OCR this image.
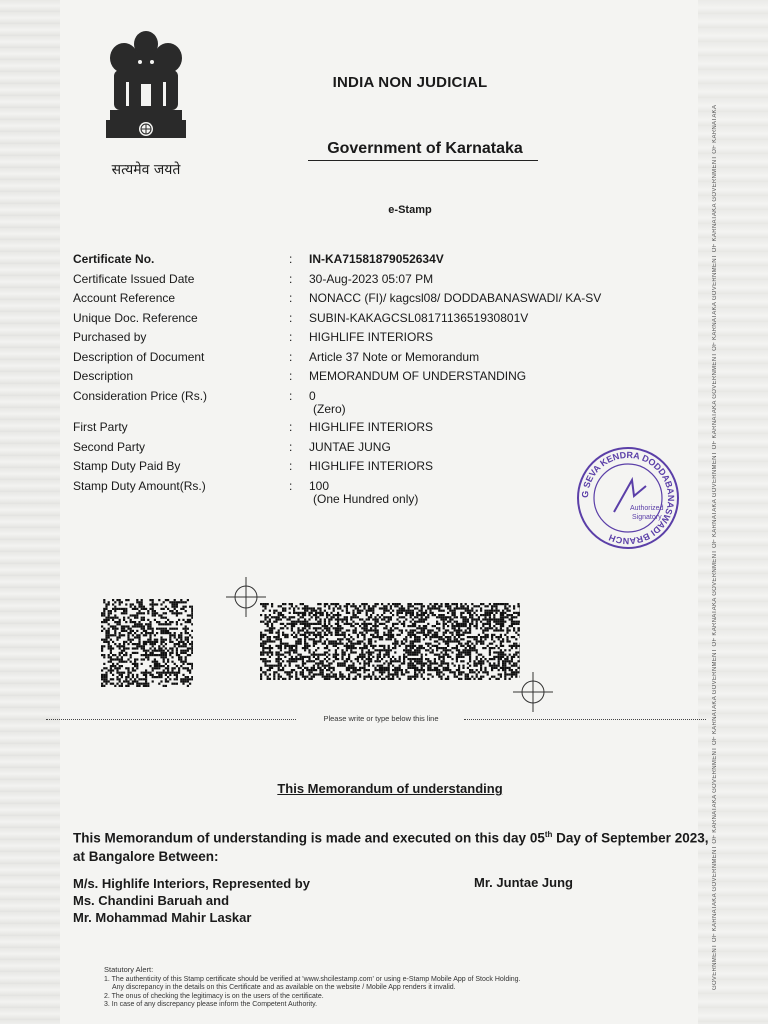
GOVERNMENT OF KARNATAKA GOVERNMENT OF KARNATAKA GOVERNMENT OF KARNATAKA GOVERNMENT OF KARNATAKA GOVERNMENT OF KARNATAKA GOVERNMENT OF KARNATAKA GOVERNMENT OF KARNATAKA GOVERNMENT OF KARNATAKA GOVERNMENT OF KARNATAKA
सत्यमेव जयते
INDIA NON JUDICIAL
Government of Karnataka
e-Stamp
Certificate No.	:	IN-KA71581879052634V
Certificate Issued Date	:	30-Aug-2023 05:07 PM
Account Reference	:	NONACC (FI)/ kagcsl08/ DODDABANASWADI/ KA-SV
Unique Doc. Reference	:	SUBIN-KAKAGCSL0817113651930801V
Purchased by	:	HIGHLIFE INTERIORS
Description of Document	:	Article 37 Note or Memorandum
Description	:	MEMORANDUM OF UNDERSTANDING
Consideration Price (Rs.)	:	0
(Zero)
First Party	:	HIGHLIFE INTERIORS
Second Party	:	JUNTAE JUNG
Stamp Duty Paid By	:	HIGHLIFE INTERIORS
Stamp Duty Amount(Rs.)	:	100
(One Hundred only)	G SEVA KENDRA DODDABANASWADI BRANCH
Authorized
Signatory
Please write or type below this line
This Memorandum of understanding
This Memorandum of understanding is made and executed on this day 05th Day of September 2023, at Bangalore Between:
M/s. Highlife Interiors, Represented by
Ms. Chandini Baruah and
Mr. Mohammad Mahir Laskar
Mr. Juntae Jung
Statutory Alert:
1. The authenticity of this Stamp certificate should be verified at 'www.shcilestamp.com' or using e-Stamp Mobile App of Stock Holding.
Any discrepancy in the details on this Certificate and as available on the website / Mobile App renders it invalid.
2. The onus of checking the legitimacy is on the users of the certificate.
3. In case of any discrepancy please inform the Competent Authority.
